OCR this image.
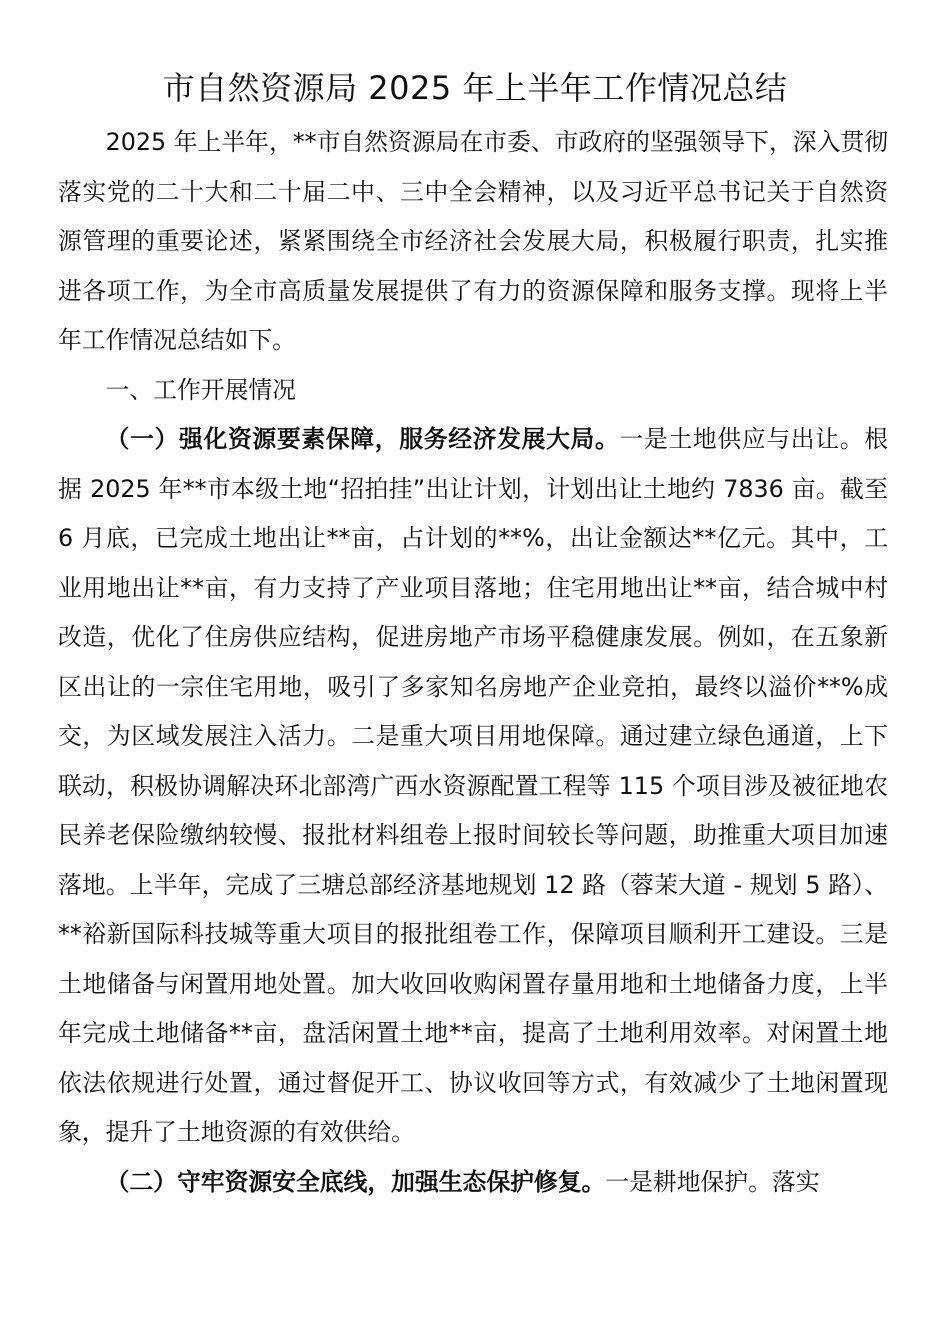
市自然资源局 2025 年上半年工作情况总结

2025 年上半年，**市自然资源局在市委、市政府的坚强领导下，深入贯彻落实党的二十大和二十届二中、三中全会精神，以及习近平总书记关于自然资源管理的重要论述，紧紧围绕全市经济社会发展大局，积极履行职责，扎实推进各项工作，为全市高质量发展提供了有力的资源保障和服务支撑。现将上半年工作情况总结如下。

一、工作开展情况

（一）强化资源要素保障，服务经济发展大局。一是土地供应与出让。根据 2025 年**市本级土地“招拍挂”出让计划，计划出让土地约 7836 亩。截至 6 月底，已完成土地出让**亩，占计划的**%，出让金额达**亿元。其中，工业用地出让**亩，有力支持了产业项目落地；住宅用地出让**亩，结合城中村改造，优化了住房供应结构，促进房地产市场平稳健康发展。例如，在五象新区出让的一宗住宅用地，吸引了多家知名房地产企业竞拍，最终以溢价**%成交，为区域发展注入活力。二是重大项目用地保障。通过建立绿色通道，上下联动，积极协调解决环北部湾广西水资源配置工程等 115 个项目涉及被征地农民养老保险缴纳较慢、报批材料组卷上报时间较长等问题，助推重大项目加速落地。上半年，完成了三塘总部经济基地规划 12 路（蓉茉大道 - 规划 5 路）、**裕新国际科技城等重大项目的报批组卷工作，保障项目顺利开工建设。三是土地储备与闲置用地处置。加大收回收购闲置存量用地和土地储备力度，上半年完成土地储备**亩，盘活闲置土地**亩，提高了土地利用效率。对闲置土地依法依规进行处置，通过督促开工、协议收回等方式，有效减少了土地闲置现象，提升了土地资源的有效供给。

（二）守牢资源安全底线，加强生态保护修复。一是耕地保护。落实
